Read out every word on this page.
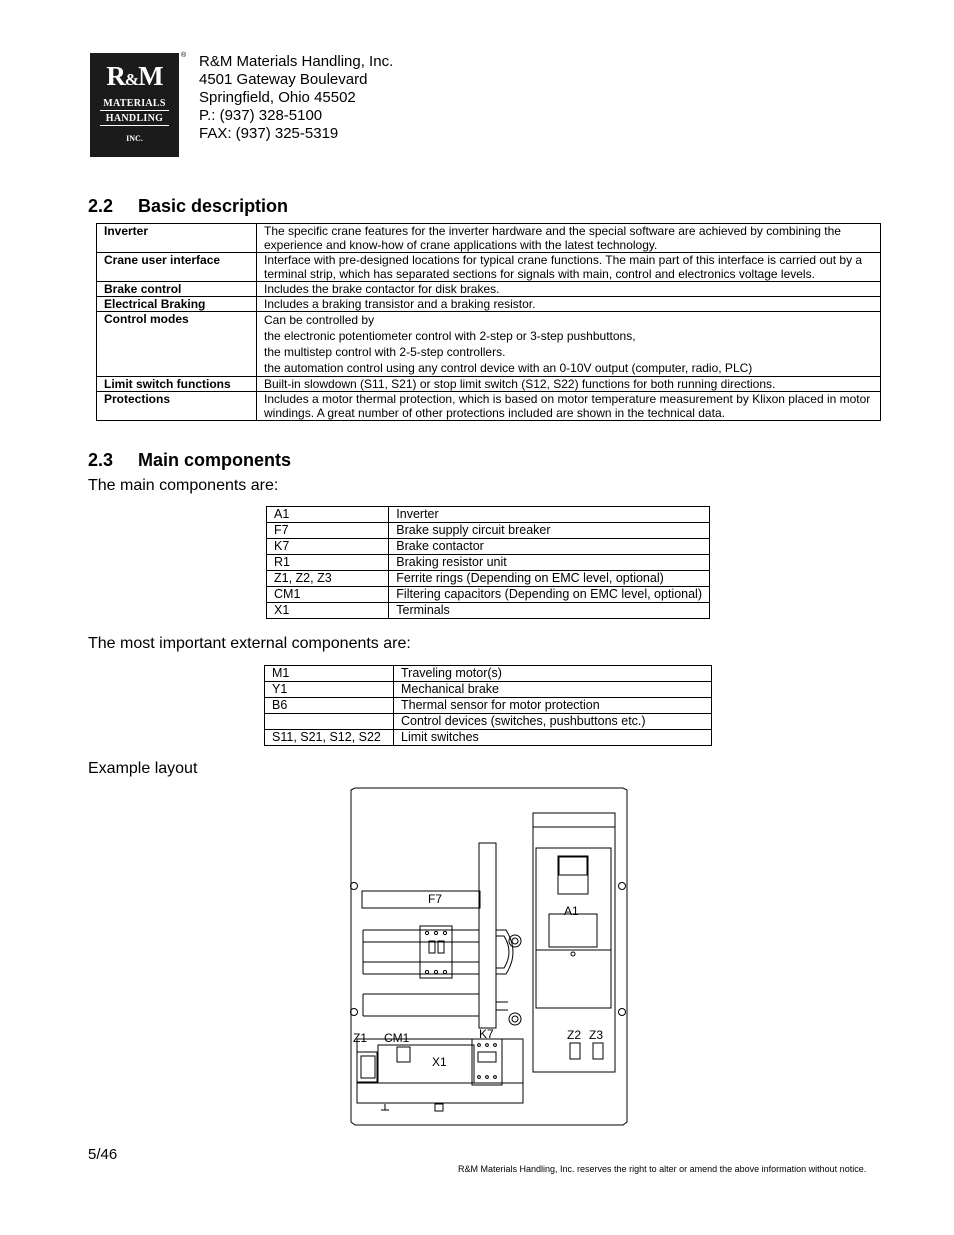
R&M
MATERIALS
HANDLING
INC.
® R&M Materials Handling, Inc.
4501 Gateway Boulevard
Springfield, Ohio 45502
P.: (937) 328-5100
FAX: (937) 325-5319
2.2 Basic description
Inverter	The specific crane features for the inverter hardware and the special software are achieved by combining the experience and know-how of crane applications with the latest technology.

Crane user interface	Interface with pre-designed locations for typical crane functions. The main part of this interface is carried out by a terminal strip, which has separated sections for signals with main, control and electronics voltage levels.

Brake control	Includes the brake contactor for disk brakes.

Electrical Braking	Includes a braking transistor and a braking resistor.

Control modes	Can be controlled by
the electronic potentiometer control with 2-step or 3-step pushbuttons,
the multistep control with 2-5-step controllers.
the automation control using any control device with an 0-10V output (computer, radio, PLC)

Limit switch functions	Built-in slowdown (S11, S21) or stop limit switch (S12, S22) functions for both running directions.

Protections	Includes a motor thermal protection, which is based on motor temperature measurement by Klixon placed in motor windings. A great number of other protections included are shown in the technical data.
2.3 Main components

The main components are:

A1	Inverter
F7	Brake supply circuit breaker
K7	Brake contactor
R1	Braking resistor unit
Z1, Z2, Z3	Ferrite rings (Depending on EMC level, optional)
CM1	Filtering capacitors (Depending on EMC level, optional)
X1	Terminals

The most important external components are:

M1	Traveling motor(s)
Y1	Mechanical brake
B6	Thermal sensor for motor protection
	Control devices (switches, pushbuttons etc.)
S11, S21, S12, S22	Limit switches

Example layout

A1
F7
Z1 CM1	K7	Z2 Z3
X1
5/46
R&M Materials Handling, Inc. reserves the right to alter or amend the above information without notice.
